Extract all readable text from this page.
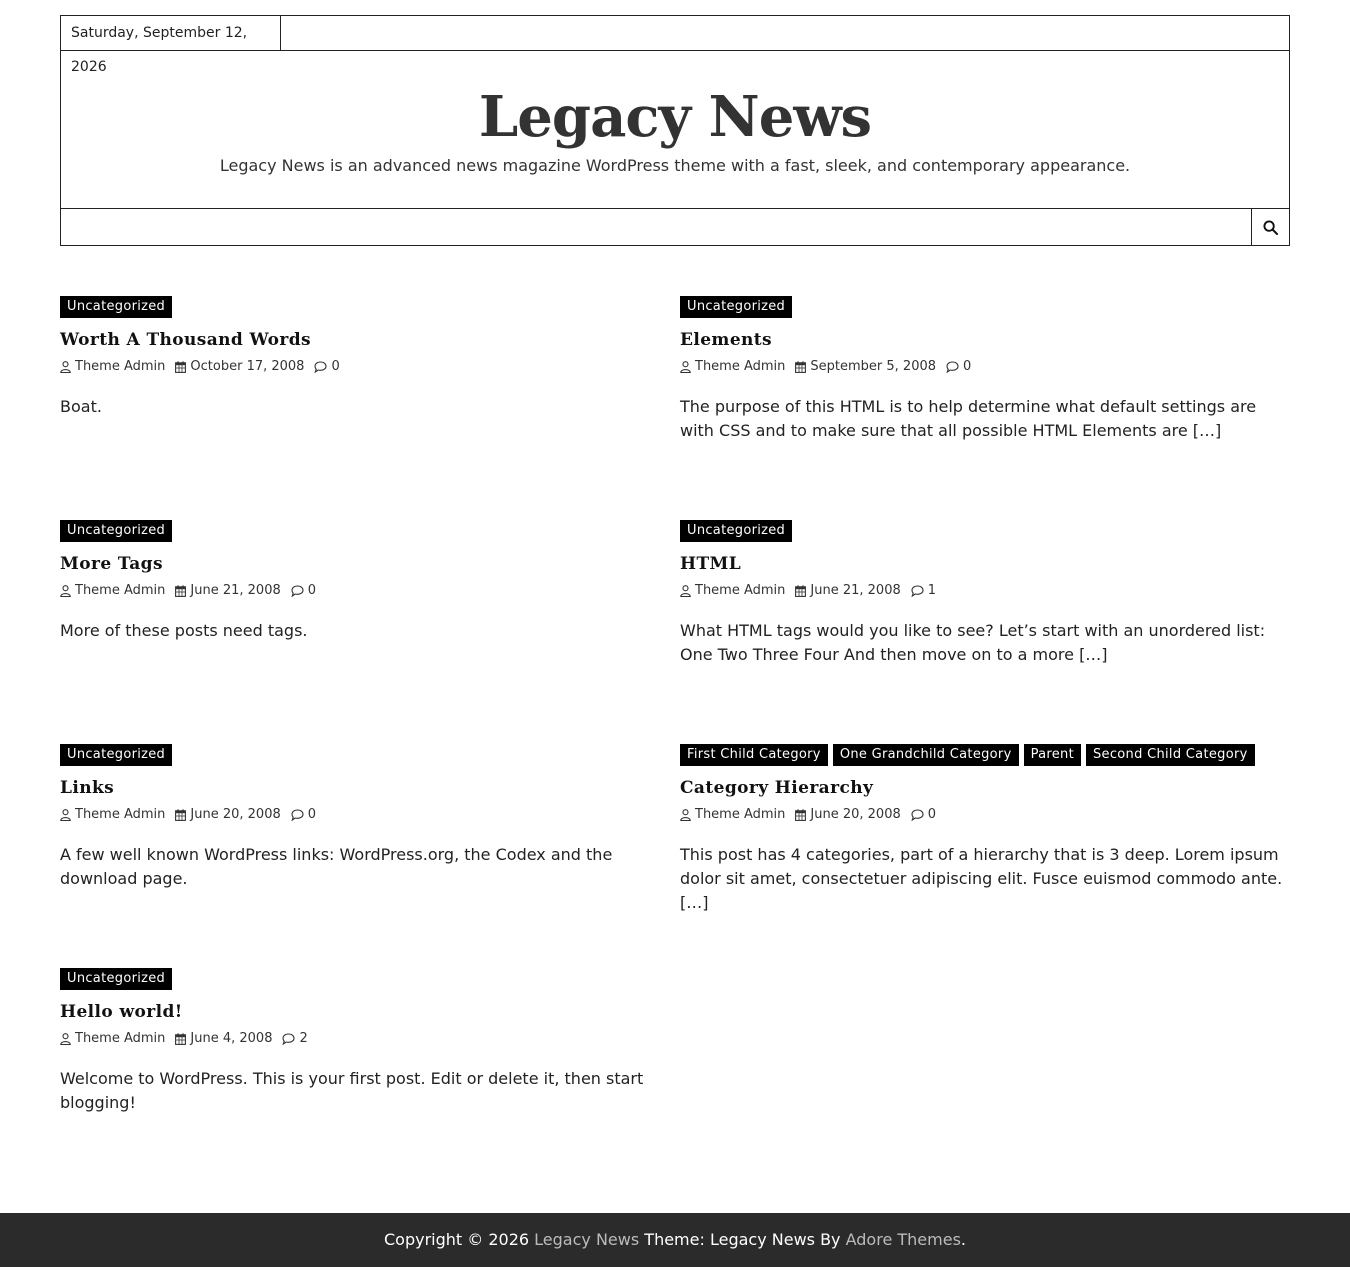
Saturday, September 12, 2026
Legacy News
Legacy News is an advanced news magazine WordPress theme with a fast, sleek, and contemporary appearance.
Uncategorized
Worth A Thousand Words
Theme Admin October 17, 2008 0
Boat.
Uncategorized
Elements
Theme Admin September 5, 2008 0
The purpose of this HTML is to help determine what default settings are with CSS and to make sure that all possible HTML Elements are […]
Uncategorized
More Tags
Theme Admin June 21, 2008 0
More of these posts need tags.
Uncategorized
HTML
Theme Admin June 21, 2008 1
What HTML tags would you like to see? Let’s start with an unordered list: One Two Three Four And then move on to a more […]
Uncategorized
Links
Theme Admin June 20, 2008 0
A few well known WordPress links: WordPress.org, the Codex and the download page.
First Child Category	One Grandchild Category	Parent	Second Child Category
Category Hierarchy
Theme Admin June 20, 2008 0
This post has 4 categories, part of a hierarchy that is 3 deep. Lorem ipsum dolor sit amet, consectetuer adipiscing elit. Fusce euismod commodo ante. […]
Uncategorized
Hello world!
Theme Admin June 4, 2008 2
Welcome to WordPress. This is your first post. Edit or delete it, then start blogging!
Copyright © 2026 Legacy News Theme: Legacy News By Adore Themes.
